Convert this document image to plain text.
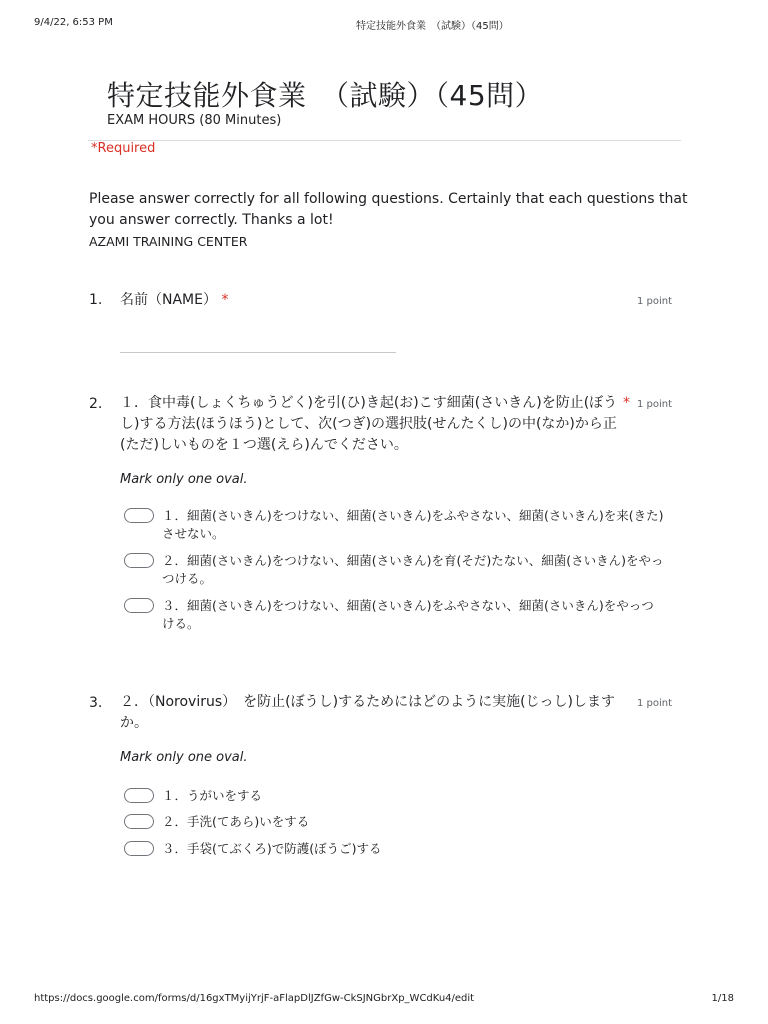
9/4/22, 6:53 PM	特定技能外食業　（試験）（45問）
特定技能外食業　（試験）（45問）
EXAM HOURS (80 Minutes)
*Required
Please answer correctly for all following questions. Certainly that each questions that you answer correctly. Thanks a lot!
AZAMI TRAINING CENTER
1. 名前（NAME） *	1 point
2. １．食中毒(しょくちゅうどく)を引(ひ)き起(お)こす細菌(さいきん)を防止(ぼうし)する方法(ほうほう)として、次(つぎ)の選択肢(せんたくし)の中(なか)から正(ただ)しいものを１つ選(えら)んでください。
* 1 point
Mark only one oval.
１．細菌(さいきん)をつけない、細菌(さいきん)をふやさない、細菌(さいきん)を来(きた)させない。
２．細菌(さいきん)をつけない、細菌(さいきん)を育(そだ)たない、細菌(さいきん)をやっつける。
３．細菌(さいきん)をつけない、細菌(さいきん)をふやさない、細菌(さいきん)をやっつける。
3. ２．（Norovirus）　を防止(ぼうし)するためにはどのように実施(じっし)しますか。
1 point
Mark only one oval.
１．うがいをする
２．手洗(てあら)いをする
３．手袋(てぶくろ)で防護(ぼうご)する
https://docs.google.com/forms/d/16gxTMyijYrjF-aFlapDlJZfGw-CkSJNGbrXp_WCdKu4/edit	1/18
